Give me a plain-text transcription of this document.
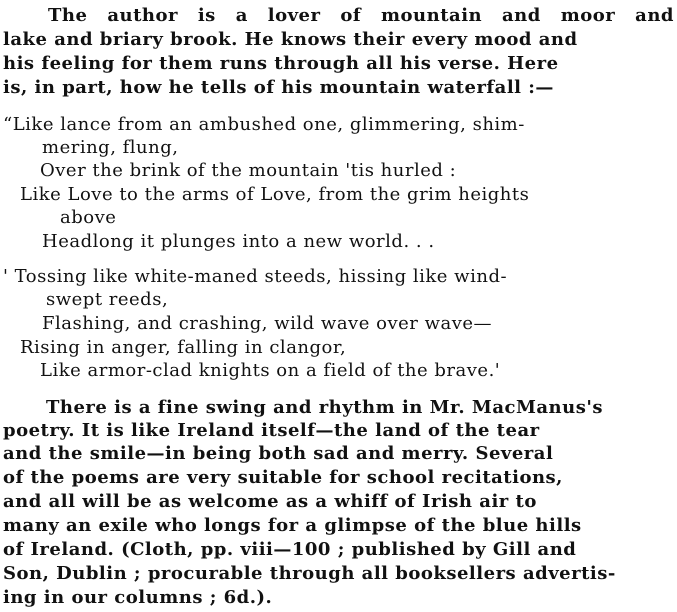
The author is a lover of mountain and moor and
lake and briary brook. He knows their every mood and
his feeling for them runs through all his verse. Here
is, in part, how he tells of his mountain waterfall :—
“Like lance from an ambushed one, glimmering, shim-
mering, flung,
Over the brink of the mountain 'tis hurled :
Like Love to the arms of Love, from the grim heights
above
Headlong it plunges into a new world. . .
' Tossing like white-maned steeds, hissing like wind-
swept reeds,
Flashing, and crashing, wild wave over wave—
Rising in anger, falling in clangor,
Like armor-clad knights on a field of the brave.'
There is a fine swing and rhythm in Mr. MacManus's
poetry. It is like Ireland itself—the land of the tear
and the smile—in being both sad and merry. Several
of the poems are very suitable for school recitations,
and all will be as welcome as a whiff of Irish air to
many an exile who longs for a glimpse of the blue hills
of Ireland. (Cloth, pp. viii—100 ; published by Gill and
Son, Dublin ; procurable through all booksellers advertis-
ing in our columns ; 6d.).
